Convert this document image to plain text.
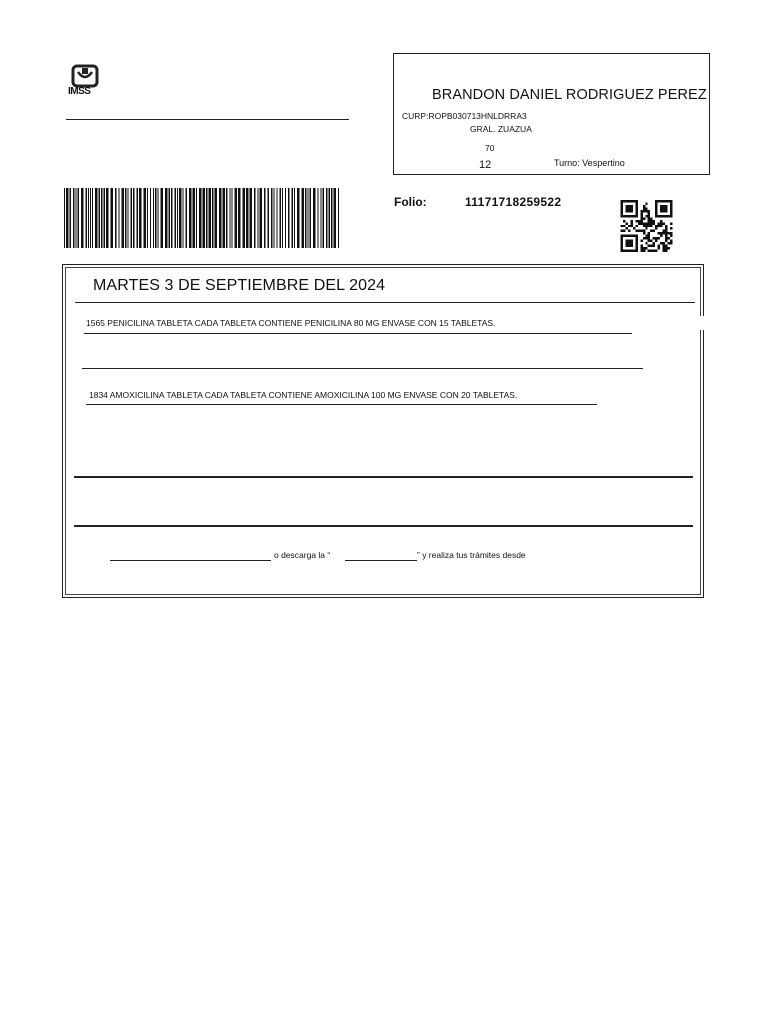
IMSS	BRANDON DANIEL RODRIGUEZ PEREZ
CURP:ROPB030713HNLDRRA3
GRAL. ZUAZUA
70
12	Turno: Vespertino
Folio:	11171718259522
MARTES 3 DE SEPTIEMBRE DEL 2024
1565 PENICILINA TABLETA CADA TABLETA CONTIENE PENICILINA 80 MG ENVASE CON 15 TABLETAS.
1834 AMOXICILINA TABLETA CADA TABLETA CONTIENE AMOXICILINA 100 MG ENVASE CON 20 TABLETAS.
o descarga la “	” y realiza tus trámites desde
